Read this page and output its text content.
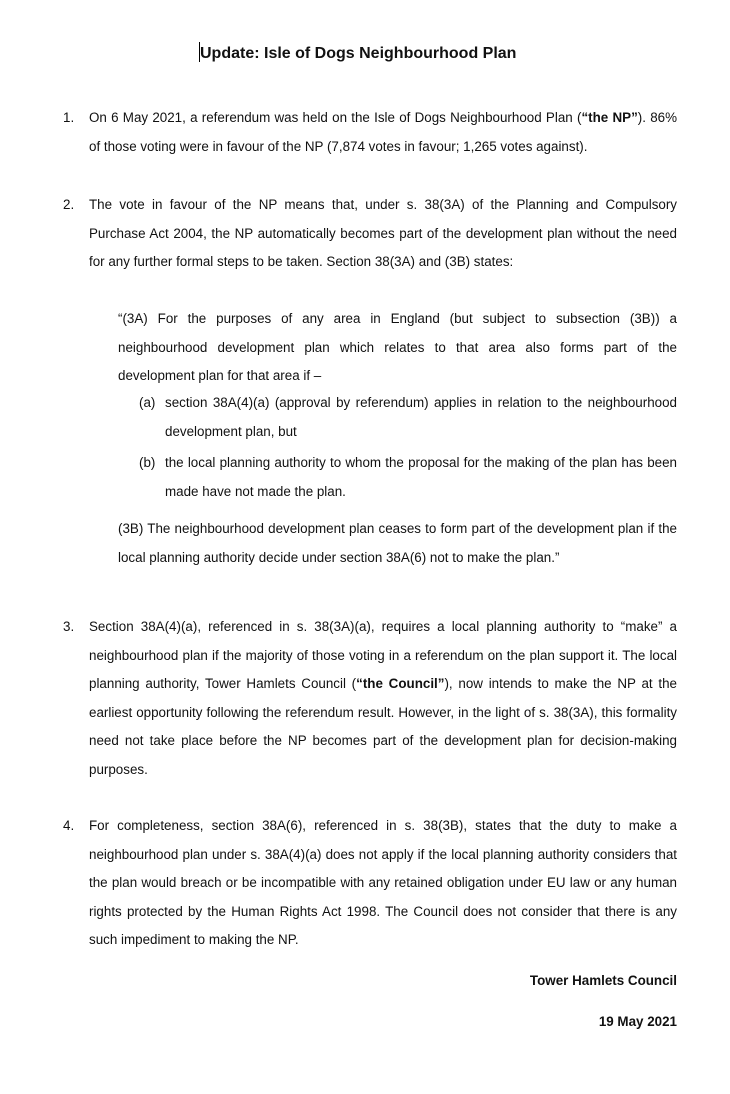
Update: Isle of Dogs Neighbourhood Plan
1. On 6 May 2021, a referendum was held on the Isle of Dogs Neighbourhood Plan (“the NP”). 86% of those voting were in favour of the NP (7,874 votes in favour; 1,265 votes against).
2. The vote in favour of the NP means that, under s. 38(3A) of the Planning and Compulsory Purchase Act 2004, the NP automatically becomes part of the development plan without the need for any further formal steps to be taken. Section 38(3A) and (3B) states:
“(3A) For the purposes of any area in England (but subject to subsection (3B)) a neighbourhood development plan which relates to that area also forms part of the development plan for that area if –
(a) section 38A(4)(a) (approval by referendum) applies in relation to the neighbourhood development plan, but
(b) the local planning authority to whom the proposal for the making of the plan has been made have not made the plan.
(3B) The neighbourhood development plan ceases to form part of the development plan if the local planning authority decide under section 38A(6) not to make the plan.”
3. Section 38A(4)(a), referenced in s. 38(3A)(a), requires a local planning authority to “make” a neighbourhood plan if the majority of those voting in a referendum on the plan support it. The local planning authority, Tower Hamlets Council (“the Council”), now intends to make the NP at the earliest opportunity following the referendum result. However, in the light of s. 38(3A), this formality need not take place before the NP becomes part of the development plan for decision-making purposes.
4. For completeness, section 38A(6), referenced in s. 38(3B), states that the duty to make a neighbourhood plan under s. 38A(4)(a) does not apply if the local planning authority considers that the plan would breach or be incompatible with any retained obligation under EU law or any human rights protected by the Human Rights Act 1998. The Council does not consider that there is any such impediment to making the NP.
Tower Hamlets Council
19 May 2021
